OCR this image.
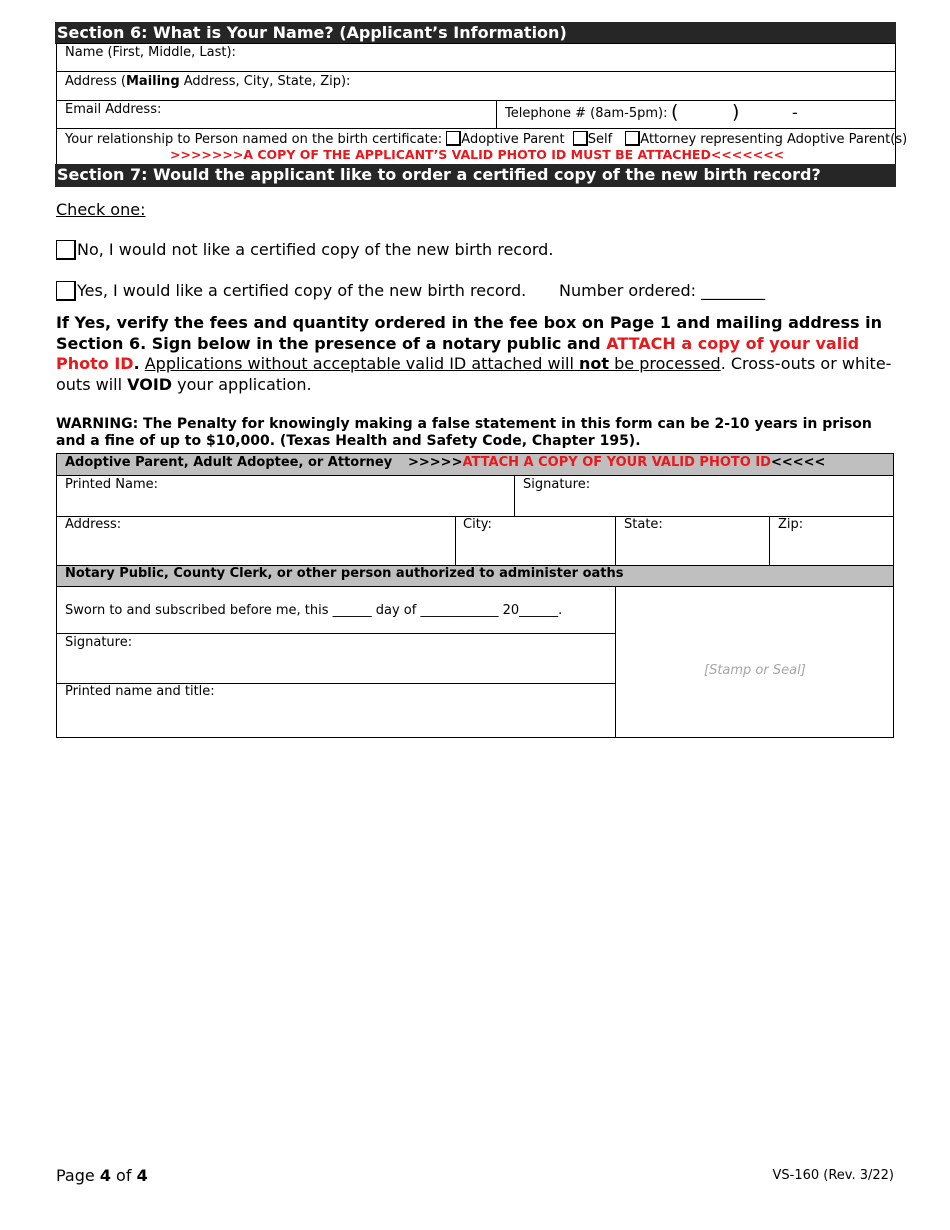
Section 6: What is Your Name? (Applicant’s Information)
Name (First, Middle, Last):
Address (Mailing Address, City, State, Zip):
Email Address:	Telephone # (8am-5pm): (	)	-
Your relationship to Person named on the birth certificate: Adoptive Parent Self Attorney representing Adoptive Parent(s)
>>>>>>>A COPY OF THE APPLICANT’S VALID PHOTO ID MUST BE ATTACHED<<<<<<<
Section 7: Would the applicant like to order a certified copy of the new birth record?
Check one:
No, I would not like a certified copy of the new birth record.
Yes, I would like a certified copy of the new birth record. Number ordered: ________
If Yes, verify the fees and quantity ordered in the fee box on Page 1 and mailing address in Section 6. Sign below in the presence of a notary public and ATTACH a copy of your valid Photo ID. Applications without acceptable valid ID attached will not be processed. Cross-outs or white-outs will VOID your application.
WARNING: The Penalty for knowingly making a false statement in this form can be 2-10 years in prison and a fine of up to $10,000. (Texas Health and Safety Code, Chapter 195).
Adoptive Parent, Adult Adoptee, or Attorney >>>>>ATTACH A COPY OF YOUR VALID PHOTO ID<<<<<
Printed Name:	Signature:
Address:	City:	State:	Zip:
Notary Public, County Clerk, or other person authorized to administer oaths
Sworn to and subscribed before me, this ______ day of ____________ 20______.
Signature:
Printed name and title:
[Stamp or Seal]
Page 4 of 4	VS-160 (Rev. 3/22)
